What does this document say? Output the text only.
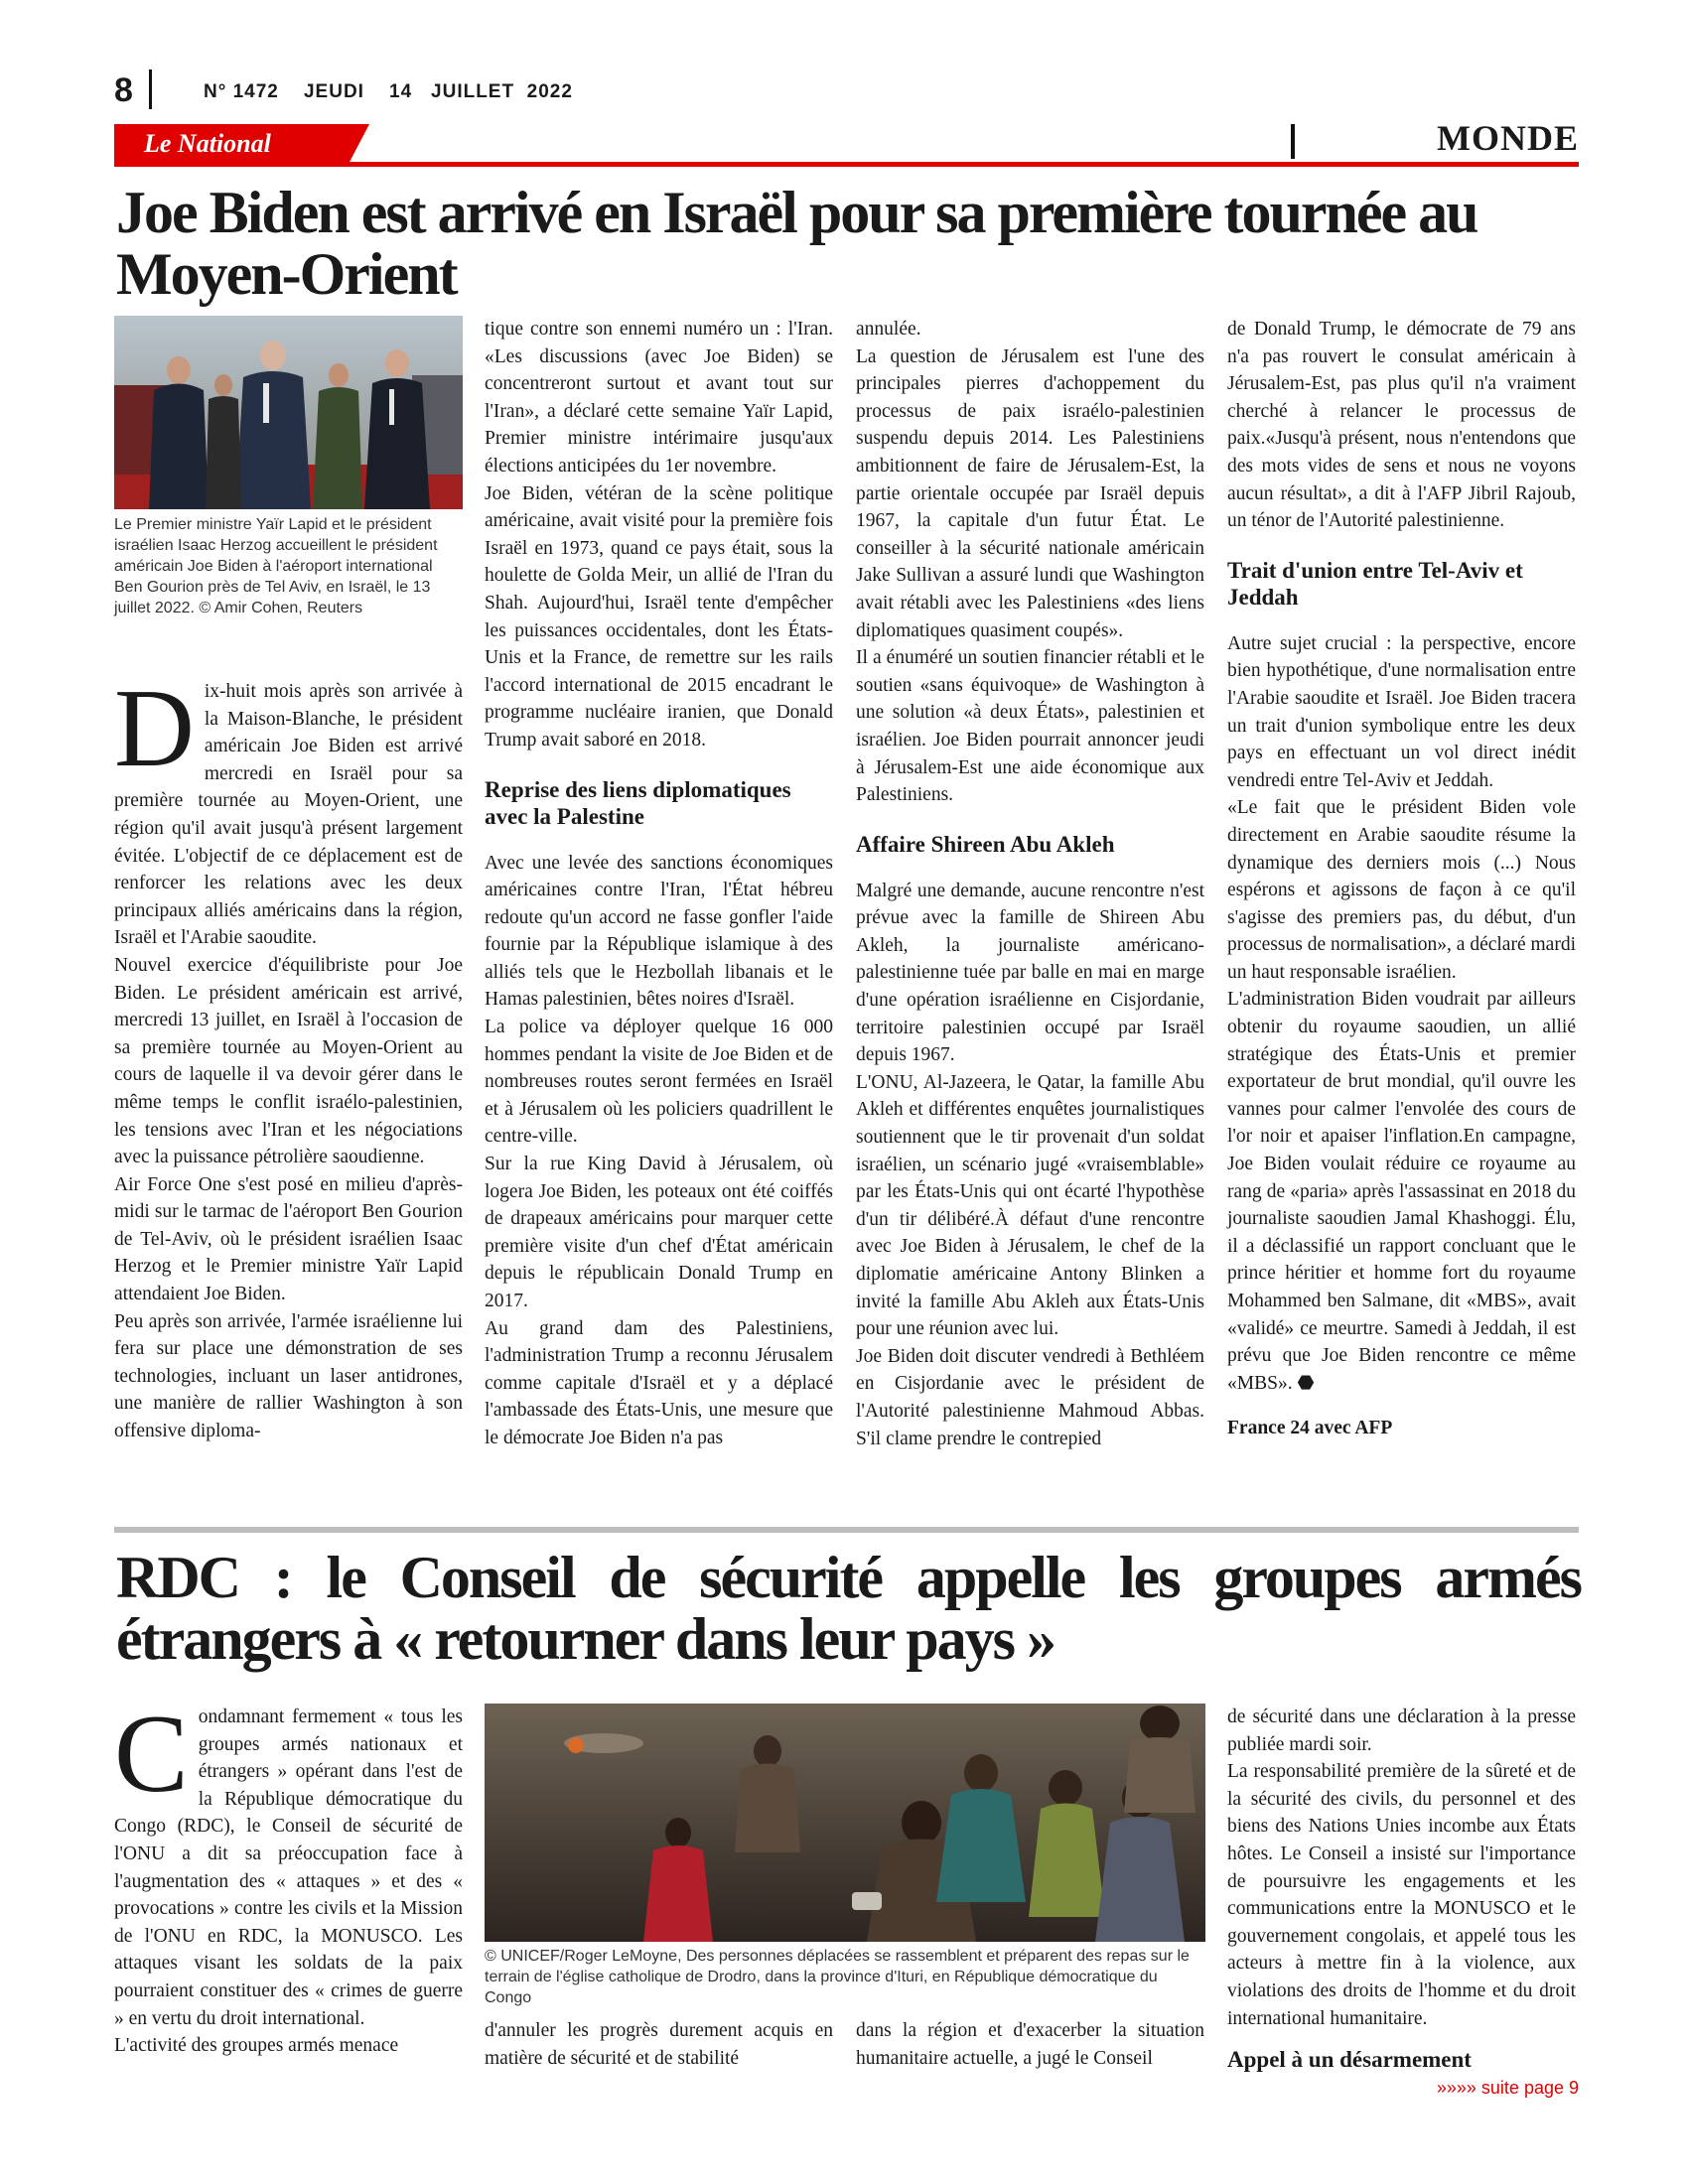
8	N° 1472    JEUDI    14   JUILLET  2022
Le National	MONDE
Joe Biden est arrivé en Israël pour sa première tournée au Moyen-Orient
Le Premier ministre Yaïr Lapid et le président israélien Isaac Herzog accueillent le président américain Joe Biden à l'aéroport international Ben Gourion près de Tel Aviv, en Israël, le 13 juillet 2022. © Amir Cohen, Reuters

Dix-huit mois après son arrivée à la Maison-Blanche, le président américain Joe Biden est arrivé mercredi en Israël pour sa première tournée au Moyen-Orient, une région qu'il avait jusqu'à présent largement évitée. L'objectif de ce déplacement est de renforcer les relations avec les deux principaux alliés américains dans la région, Israël et l'Arabie saoudite.

Nouvel exercice d'équilibriste pour Joe Biden. Le président américain est arrivé, mercredi 13 juillet, en Israël à l'occasion de sa première tournée au Moyen-Orient au cours de laquelle il va devoir gérer dans le même temps le conflit israélo-palestinien, les tensions avec l'Iran et les négociations avec la puissance pétrolière saoudienne.

Air Force One s'est posé en milieu d'après-midi sur le tarmac de l'aéroport Ben Gourion de Tel-Aviv, où le président israélien Isaac Herzog et le Premier ministre Yaïr Lapid attendaient Joe Biden.

Peu après son arrivée, l'armée israélienne lui fera sur place une démonstration de ses technologies, incluant un laser antidrones, une manière de rallier Washington à son offensive diploma-

tique contre son ennemi numéro un : l'Iran. «Les discussions (avec Joe Biden) se concentreront surtout et avant tout sur l'Iran», a déclaré cette semaine Yaïr Lapid, Premier ministre intérimaire jusqu'aux élections anticipées du 1er novembre.

Joe Biden, vétéran de la scène politique américaine, avait visité pour la première fois Israël en 1973, quand ce pays était, sous la houlette de Golda Meir, un allié de l'Iran du Shah. Aujourd'hui, Israël tente d'empêcher les puissances occidentales, dont les États-Unis et la France, de remettre sur les rails l'accord international de 2015 encadrant le programme nucléaire iranien, que Donald Trump avait saboré en 2018.

Reprise des liens diplomatiques avec la Palestine

Avec une levée des sanctions économiques américaines contre l'Iran, l'État hébreu redoute qu'un accord ne fasse gonfler l'aide fournie par la République islamique à des alliés tels que le Hezbollah libanais et le Hamas palestinien, bêtes noires d'Israël.

La police va déployer quelque 16 000 hommes pendant la visite de Joe Biden et de nombreuses routes seront fermées en Israël et à Jérusalem où les policiers quadrillent le centre-ville.

Sur la rue King David à Jérusalem, où logera Joe Biden, les poteaux ont été coiffés de drapeaux américains pour marquer cette première visite d'un chef d'État américain depuis le républicain Donald Trump en 2017.

Au grand dam des Palestiniens, l'administration Trump a reconnu Jérusalem comme capitale d'Israël et y a déplacé l'ambassade des États-Unis, une mesure que le démocrate Joe Biden n'a pas

annulée.

La question de Jérusalem est l'une des principales pierres d'achoppement du processus de paix israélo-palestinien suspendu depuis 2014. Les Palestiniens ambitionnent de faire de Jérusalem-Est, la partie orientale occupée par Israël depuis 1967, la capitale d'un futur État. Le conseiller à la sécurité nationale américain Jake Sullivan a assuré lundi que Washington avait rétabli avec les Palestiniens «des liens diplomatiques quasiment coupés».

Il a énuméré un soutien financier rétabli et le soutien «sans équivoque» de Washington à une solution «à deux États», palestinien et israélien. Joe Biden pourrait annoncer jeudi à Jérusalem-Est une aide économique aux Palestiniens.

Affaire Shireen Abu Akleh

Malgré une demande, aucune rencontre n'est prévue avec la famille de Shireen Abu Akleh, la journaliste américano-palestinienne tuée par balle en mai en marge d'une opération israélienne en Cisjordanie, territoire palestinien occupé par Israël depuis 1967.

L'ONU, Al-Jazeera, le Qatar, la famille Abu Akleh et différentes enquêtes journalistiques soutiennent que le tir provenait d'un soldat israélien, un scénario jugé «vraisemblable» par les États-Unis qui ont écarté l'hypothèse d'un tir délibéré.À défaut d'une rencontre avec Joe Biden à Jérusalem, le chef de la diplomatie américaine Antony Blinken a invité la famille Abu Akleh aux États-Unis pour une réunion avec lui.

Joe Biden doit discuter vendredi à Bethléem en Cisjordanie avec le président de l'Autorité palestinienne Mahmoud Abbas. S'il clame prendre le contrepied

de Donald Trump, le démocrate de 79 ans n'a pas rouvert le consulat américain à Jérusalem-Est, pas plus qu'il n'a vraiment cherché à relancer le processus de paix.«Jusqu'à présent, nous n'entendons que des mots vides de sens et nous ne voyons aucun résultat», a dit à l'AFP Jibril Rajoub, un ténor de l'Autorité palestinienne.

Trait d'union entre Tel-Aviv et Jeddah

Autre sujet crucial : la perspective, encore bien hypothétique, d'une normalisation entre l'Arabie saoudite et Israël. Joe Biden tracera un trait d'union symbolique entre les deux pays en effectuant un vol direct inédit vendredi entre Tel-Aviv et Jeddah.

«Le fait que le président Biden vole directement en Arabie saoudite résume la dynamique des derniers mois (...) Nous espérons et agissons de façon à ce qu'il s'agisse des premiers pas, du début, d'un processus de normalisation», a déclaré mardi un haut responsable israélien.

L'administration Biden voudrait par ailleurs obtenir du royaume saoudien, un allié stratégique des États-Unis et premier exportateur de brut mondial, qu'il ouvre les vannes pour calmer l'envolée des cours de l'or noir et apaiser l'inflation.En campagne, Joe Biden voulait réduire ce royaume au rang de «paria» après l'assassinat en 2018 du journaliste saoudien Jamal Khashoggi. Élu, il a déclassifié un rapport concluant que le prince héritier et homme fort du royaume Mohammed ben Salmane, dit «MBS», avait «validé» ce meurtre. Samedi à Jeddah, il est prévu que Joe Biden rencontre ce même «MBS». ⬣

France 24 avec AFP

RDC : le Conseil de sécurité appelle les groupes armés étrangers à « retourner dans leur pays »

Condamnant fermement « tous les groupes armés nationaux et étrangers » opérant dans l'est de la République démocratique du Congo (RDC), le Conseil de sécurité de l'ONU a dit sa préoccupation face à l'augmentation des « attaques » et des « provocations » contre les civils et la Mission de l'ONU en RDC, la MONUSCO. Les attaques visant les soldats de la paix pourraient constituer des « crimes de guerre » en vertu du droit international.

L'activité des groupes armés menace

© UNICEF/Roger LeMoyne, Des personnes déplacées se rassemblent et préparent des repas sur le terrain de l'église catholique de Drodro, dans la province d'Ituri, en République démocratique du Congo

d'annuler les progrès durement acquis en matière de sécurité et de stabilité

dans la région et d'exacerber la situation humanitaire actuelle, a jugé le Conseil

de sécurité dans une déclaration à la presse publiée mardi soir.

La responsabilité première de la sûreté et de la sécurité des civils, du personnel et des biens des Nations Unies incombe aux États hôtes. Le Conseil a insisté sur l'importance de poursuivre les engagements et les communications entre la MONUSCO et le gouvernement congolais, et appelé tous les acteurs à mettre fin à la violence, aux violations des droits de l'homme et du droit international humanitaire.

Appel à un désarmement

»»»» suite page 9
